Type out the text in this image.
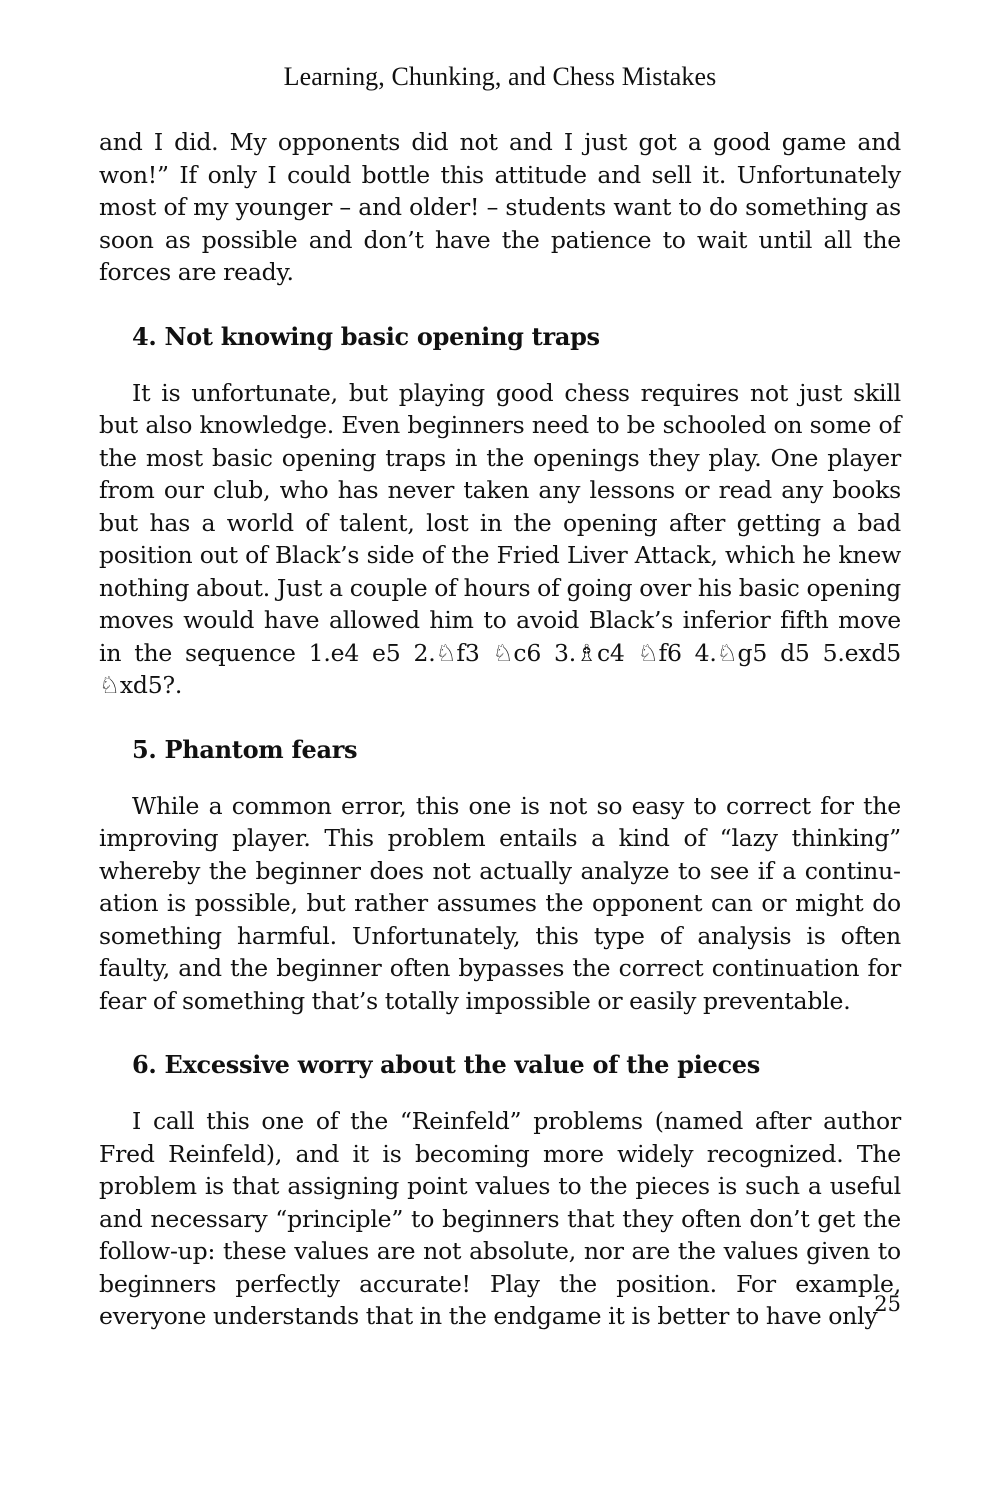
Learning, Chunking, and Chess Mistakes

and I did. My opponents did not and I just got a good game and won!” If only I could bottle this attitude and sell it. Unfortunately most of my younger – and older! – students want to do something as soon as possible and don’t have the patience to wait until all the forces are ready.

4. Not knowing basic opening traps

It is unfortunate, but playing good chess requires not just skill but also knowledge. Even beginners need to be schooled on some of the most basic opening traps in the openings they play. One player from our club, who has never taken any lessons or read any books but has a world of talent, lost in the opening after getting a bad position out of Black’s side of the Fried Liver Attack, which he knew nothing about. Just a couple of hours of going over his basic opening moves would have allowed him to avoid Black’s inferior fifth move in the sequence 1.e4 e5 2.♘f3 ♘c6 3.♗c4 ♘f6 4.♘g5 d5 5.exd5 ♘xd5?.

5. Phantom fears

While a common error, this one is not so easy to correct for the improving player. This problem entails a kind of “lazy thinking” whereby the beginner does not actually analyze to see if a continuation is possible, but rather assumes the opponent can or might do something harmful. Unfortunately, this type of analysis is often faulty, and the beginner often bypasses the correct continuation for fear of something that’s totally impossible or easily preventable.

6. Excessive worry about the value of the pieces

I call this one of the “Reinfeld” problems (named after author Fred Reinfeld), and it is becoming more widely recognized. The problem is that assigning point values to the pieces is such a useful and necessary “principle” to beginners that they often don’t get the follow-up: these values are not absolute, nor are the values given to beginners perfectly accurate! Play the position. For example, everyone understands that in the endgame it is better to have only

25
